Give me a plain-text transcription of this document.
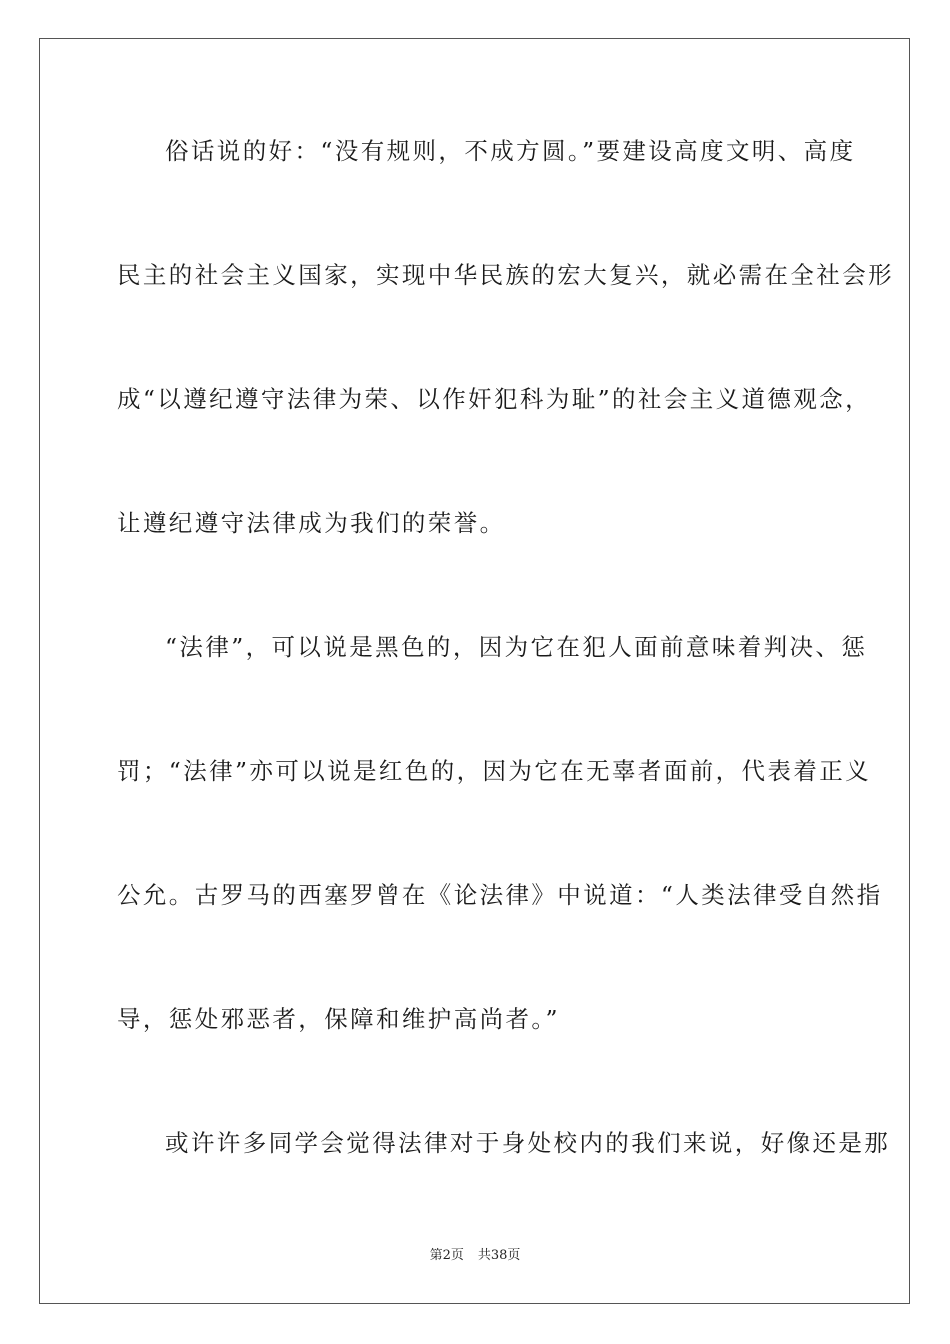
俗话说的好：“没有规则，不成方圆。”要建设高度文明、高度
民主的社会主义国家，实现中华民族的宏大复兴，就必需在全社会形
成“以遵纪遵守法律为荣、以作奸犯科为耻”的社会主义道德观念，
让遵纪遵守法律成为我们的荣誉。
“法律”，可以说是黑色的，因为它在犯人面前意味着判决、惩
罚；“法律”亦可以说是红色的，因为它在无辜者面前，代表着正义
公允。古罗马的西塞罗曾在《论法律》中说道：“人类法律受自然指
导，惩处邪恶者，保障和维护高尚者。”
或许许多同学会觉得法律对于身处校内的我们来说，好像还是那
第2页 共38页
